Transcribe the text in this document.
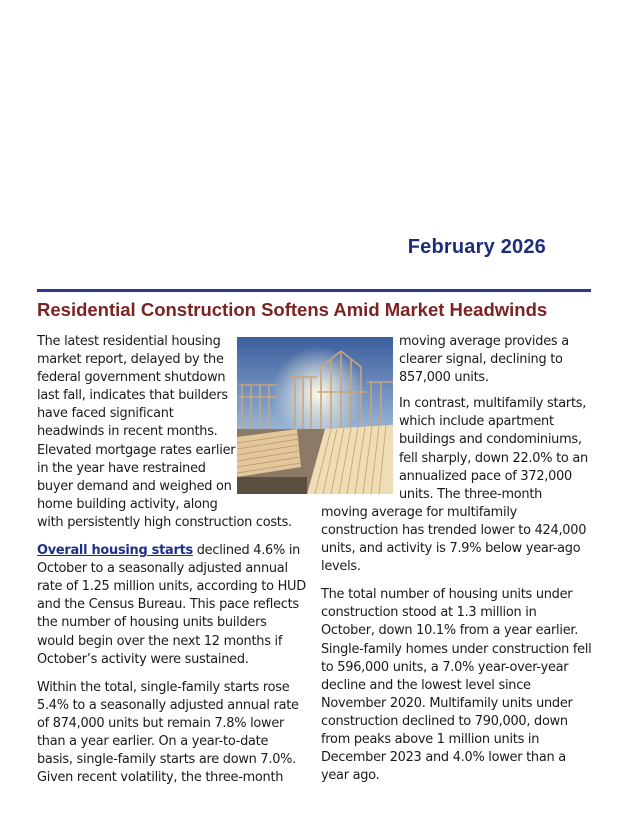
February 2026
Residential Construction Softens Amid Market Headwinds

The latest residential housing
market report, delayed by the
federal government shutdown
last fall, indicates that builders
have faced significant
headwinds in recent months.
Elevated mortgage rates earlier
in the year have restrained
buyer demand and weighed on
home building activity, along
with persistently high construction costs.

Overall housing starts declined 4.6% in
October to a seasonally adjusted annual
rate of 1.25 million units, according to HUD
and the Census Bureau. This pace reflects
the number of housing units builders
would begin over the next 12 months if
October’s activity were sustained.

Within the total, single-family starts rose
5.4% to a seasonally adjusted annual rate
of 874,000 units but remain 7.8% lower
than a year earlier. On a year-to-date
basis, single-family starts are down 7.0%.
Given recent volatility, the three-month

moving average provides a
clearer signal, declining to
857,000 units.

In contrast, multifamily starts,
which include apartment
buildings and condominiums,
fell sharply, down 22.0% to an
annualized pace of 372,000
units. The three-month
moving average for multifamily
construction has trended lower to 424,000
units, and activity is 7.9% below year-ago
levels.

The total number of housing units under
construction stood at 1.3 million in
October, down 10.1% from a year earlier.
Single-family homes under construction fell
to 596,000 units, a 7.0% year-over-year
decline and the lowest level since
November 2020. Multifamily units under
construction declined to 790,000, down
from peaks above 1 million units in
December 2023 and 4.0% lower than a
year ago.
